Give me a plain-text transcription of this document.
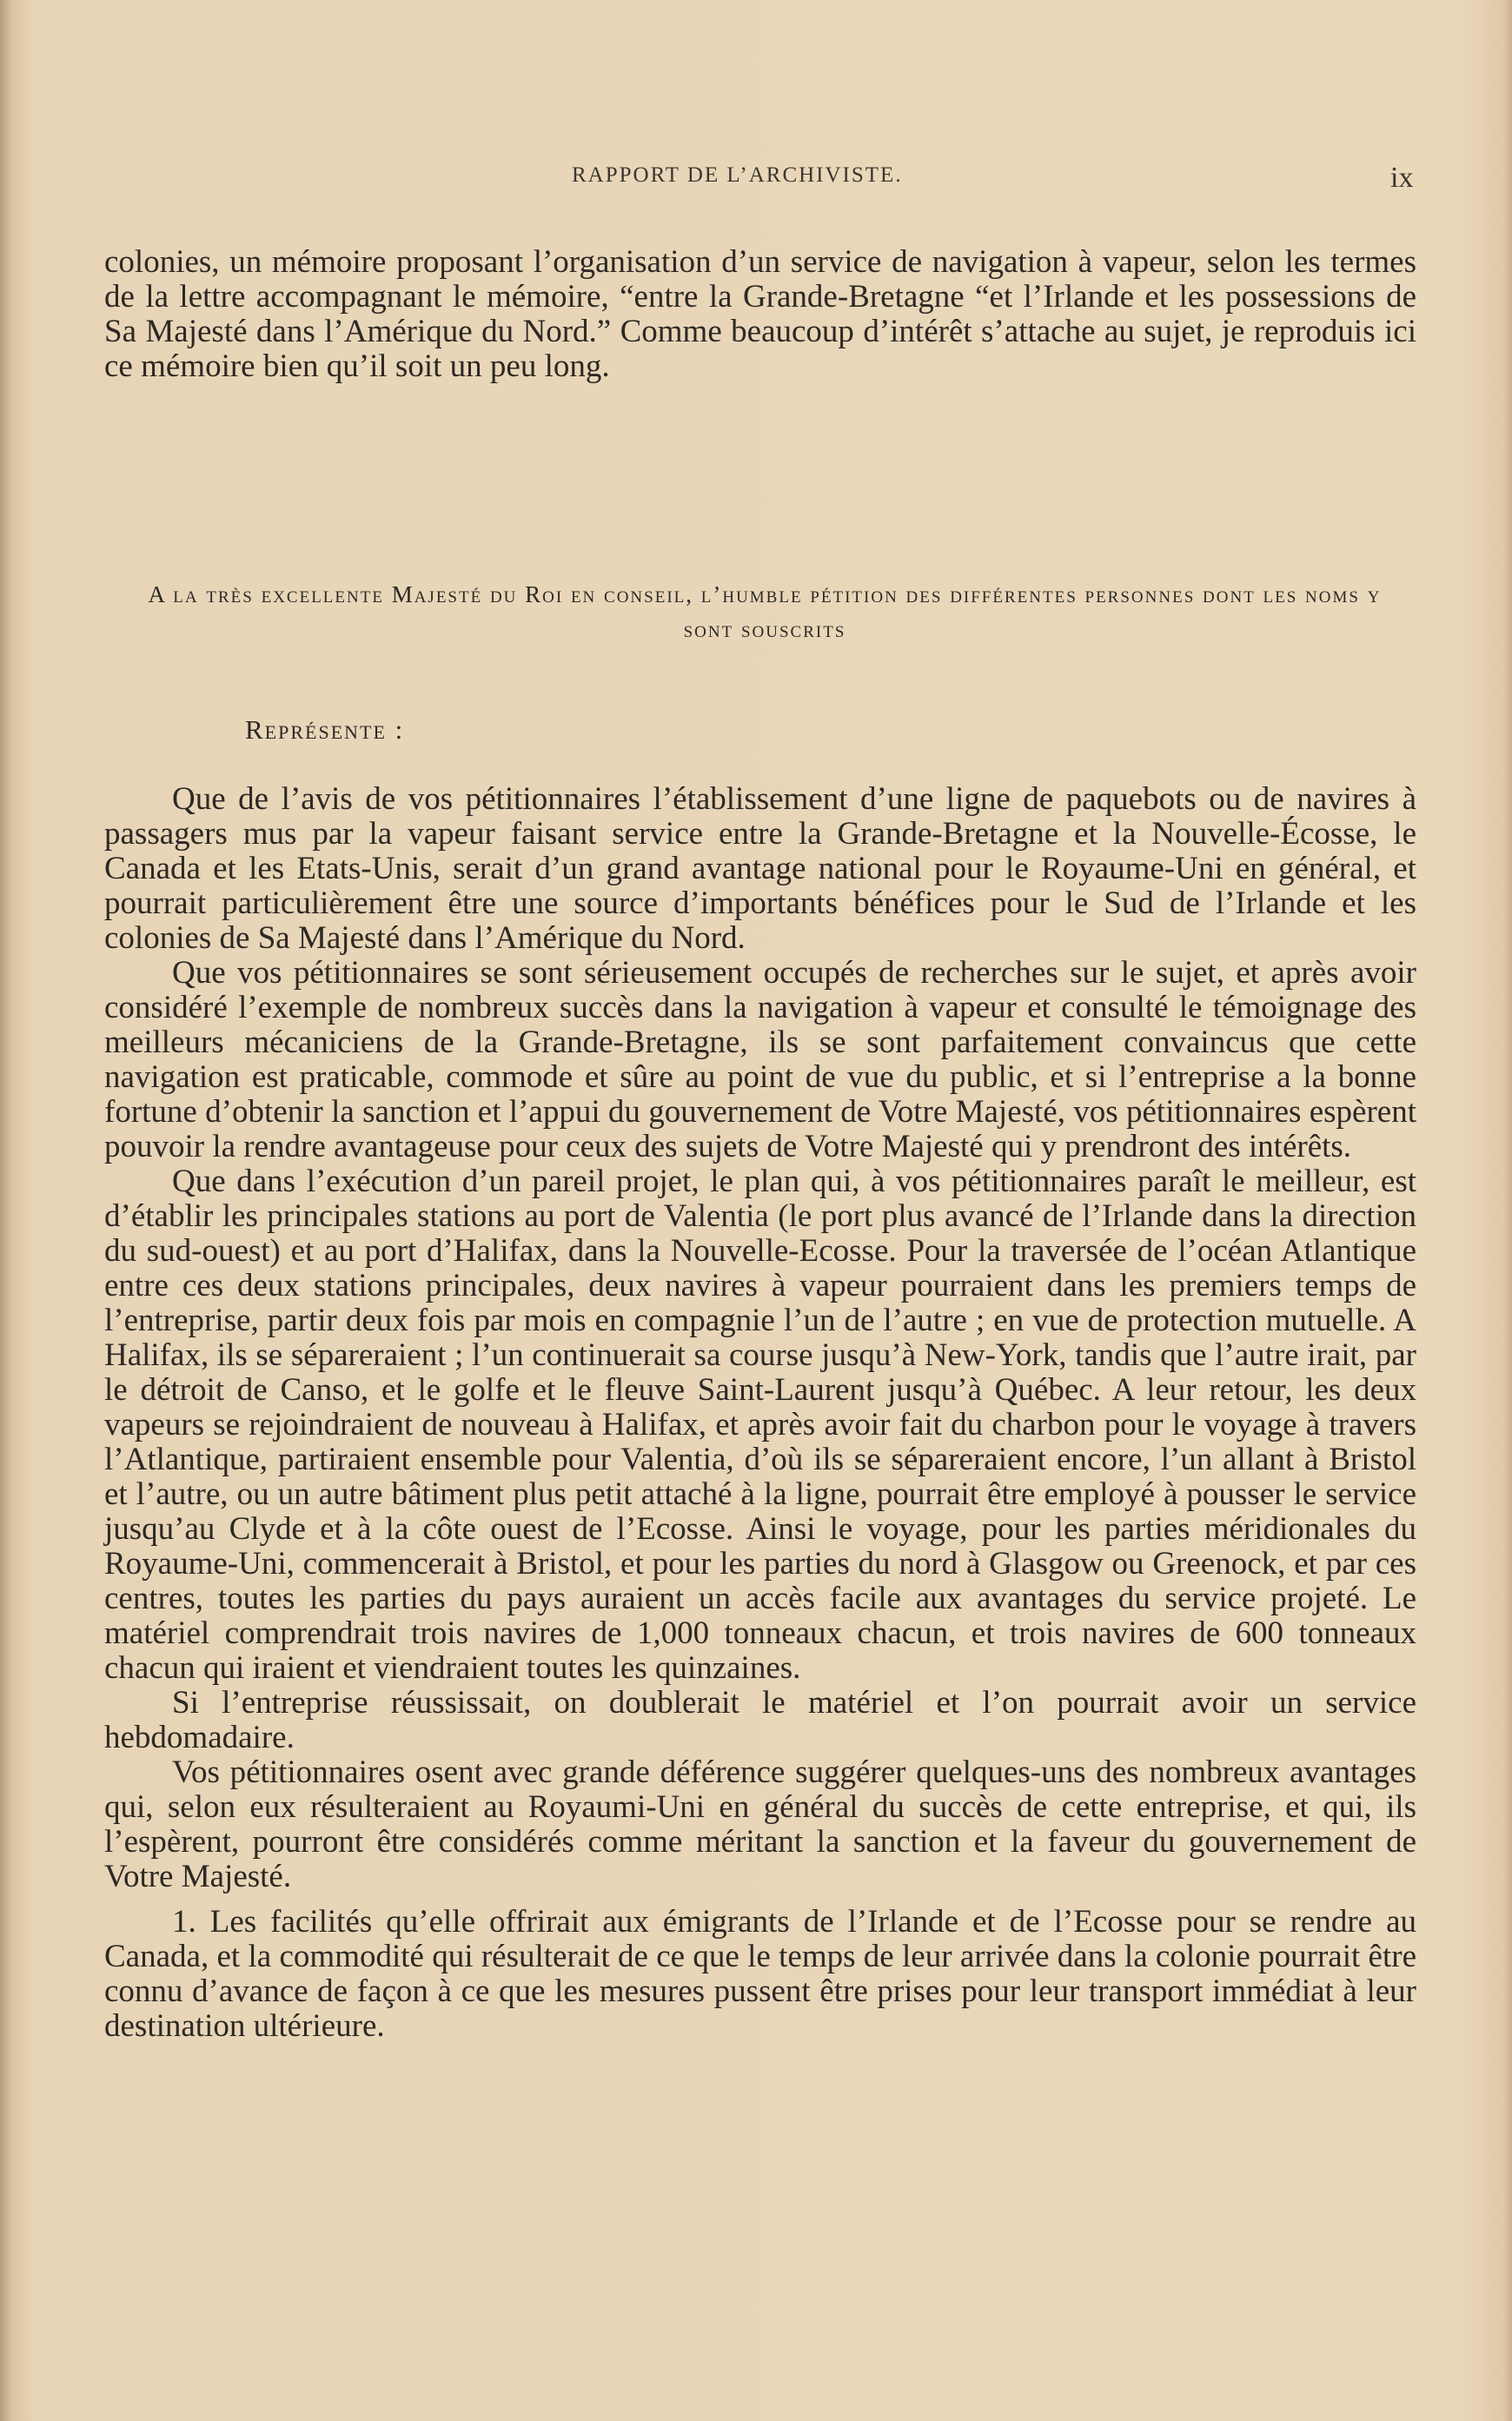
RAPPORT DE L’ARCHIVISTE.	ix

colonies, un mémoire proposant l’organisation d’un service de navigation à vapeur, selon les termes de la lettre accompagnant le mémoire, “entre la Grande-Bretagne “et l’Irlande et les possessions de Sa Majesté dans l’Amérique du Nord.” Comme beaucoup d’intérêt s’attache au sujet, je reproduis ici ce mémoire bien qu’il soit un peu long.

A la très excellente Majesté du Roi en conseil, l’humble pétition des différentes personnes dont les noms y sont souscrits
Représente :

Que de l’avis de vos pétitionnaires l’établissement d’une ligne de paquebots ou de navires à passagers mus par la vapeur faisant service entre la Grande-Bretagne et la Nouvelle-Écosse, le Canada et les Etats-Unis, serait d’un grand avantage national pour le Royaume-Uni en général, et pourrait particulièrement être une source d’importants bénéfices pour le Sud de l’Irlande et les colonies de Sa Majesté dans l’Amérique du Nord.

Que vos pétitionnaires se sont sérieusement occupés de recherches sur le sujet, et après avoir considéré l’exemple de nombreux succès dans la navigation à vapeur et consulté le témoignage des meilleurs mécaniciens de la Grande-Bretagne, ils se sont parfaitement convaincus que cette navigation est praticable, commode et sûre au point de vue du public, et si l’entreprise a la bonne fortune d’obtenir la sanction et l’appui du gouvernement de Votre Majesté, vos pétitionnaires espèrent pouvoir la rendre avantageuse pour ceux des sujets de Votre Majesté qui y prendront des intérêts.

Que dans l’exécution d’un pareil projet, le plan qui, à vos pétitionnaires paraît le meilleur, est d’établir les principales stations au port de Valentia (le port plus avancé de l’Irlande dans la direction du sud-ouest) et au port d’Halifax, dans la Nouvelle-Ecosse. Pour la traversée de l’océan Atlantique entre ces deux stations principales, deux navires à vapeur pourraient dans les premiers temps de l’entreprise, partir deux fois par mois en compagnie l’un de l’autre ; en vue de protection mutuelle. A Halifax, ils se sépareraient ; l’un continuerait sa course jusqu’à New-York, tandis que l’autre irait, par le détroit de Canso, et le golfe et le fleuve Saint-Laurent jusqu’à Québec. A leur retour, les deux vapeurs se rejoindraient de nouveau à Halifax, et après avoir fait du charbon pour le voyage à travers l’Atlantique, partiraient ensemble pour Valentia, d’où ils se sépareraient encore, l’un allant à Bristol et l’autre, ou un autre bâtiment plus petit attaché à la ligne, pourrait être employé à pousser le service jusqu’au Clyde et à la côte ouest de l’Ecosse. Ainsi le voyage, pour les parties méridionales du Royaume-Uni, commencerait à Bristol, et pour les parties du nord à Glasgow ou Greenock, et par ces centres, toutes les parties du pays auraient un accès facile aux avantages du service projeté. Le matériel comprendrait trois navires de 1,000 tonneaux chacun, et trois navires de 600 tonneaux chacun qui iraient et viendraient toutes les quinzaines.

Si l’entreprise réussissait, on doublerait le matériel et l’on pourrait avoir un service hebdomadaire.

Vos pétitionnaires osent avec grande déférence suggérer quelques-uns des nombreux avantages qui, selon eux résulteraient au Royaumi-Uni en général du succès de cette entreprise, et qui, ils l’espèrent, pourront être considérés comme méritant la sanction et la faveur du gouvernement de Votre Majesté.

1. Les facilités qu’elle offrirait aux émigrants de l’Irlande et de l’Ecosse pour se rendre au Canada, et la commodité qui résulterait de ce que le temps de leur arrivée dans la colonie pourrait être connu d’avance de façon à ce que les mesures pussent être prises pour leur transport immédiat à leur destination ultérieure.
